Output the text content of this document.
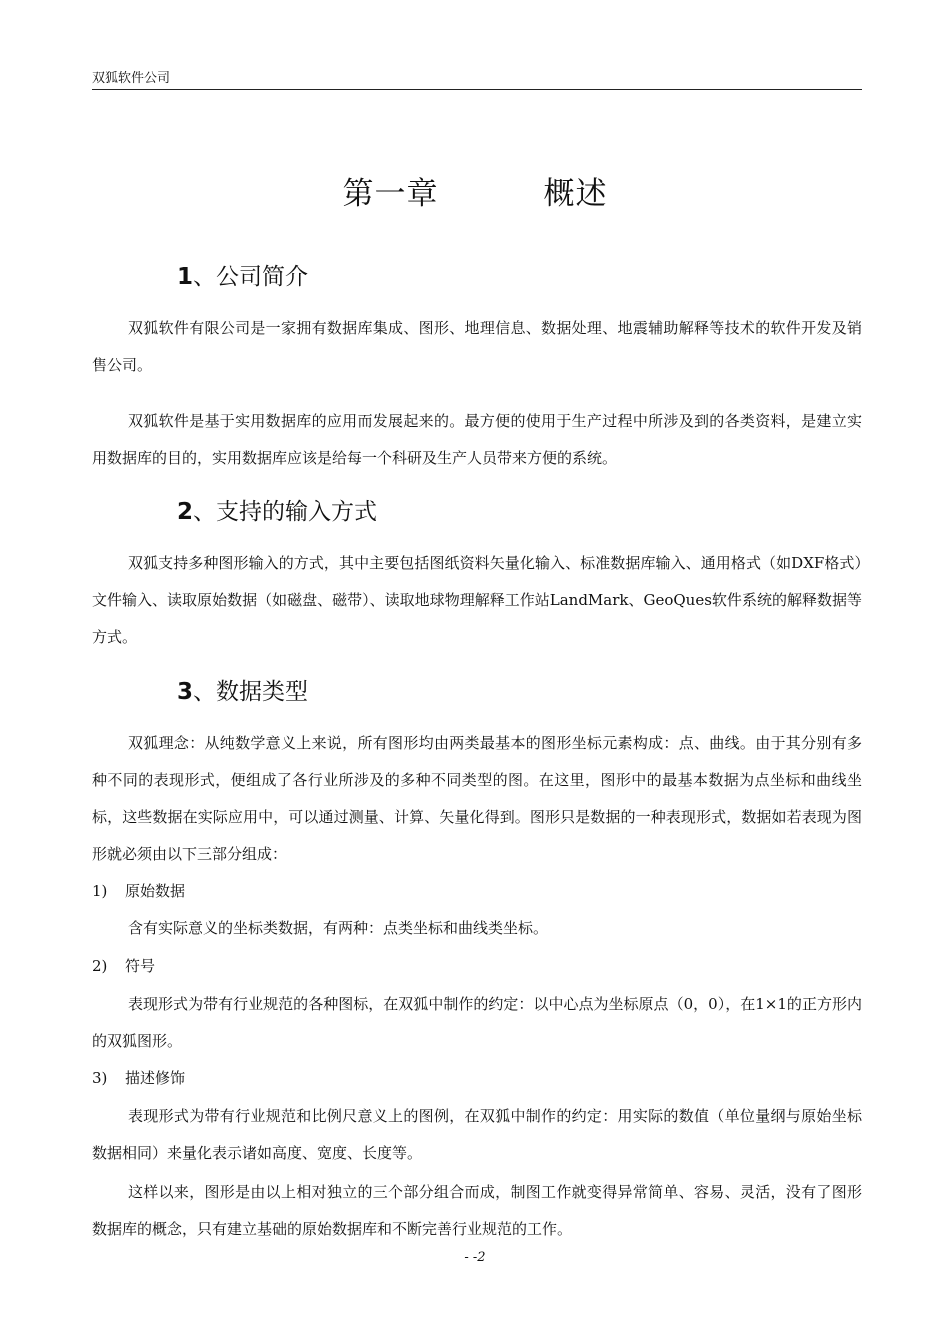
双狐软件公司
第一章	概述
1、公司简介
双狐软件有限公司是一家拥有数据库集成、图形、地理信息、数据处理、地震辅助解释等技术的软件开发及销售公司。
双狐软件是基于实用数据库的应用而发展起来的。最方便的使用于生产过程中所涉及到的各类资料，是建立实用数据库的目的，实用数据库应该是给每一个科研及生产人员带来方便的系统。
2、支持的输入方式
双狐支持多种图形输入的方式，其中主要包括图纸资料矢量化输入、标准数据库输入、通用格式（如DXF格式）文件输入、读取原始数据（如磁盘、磁带）、读取地球物理解释工作站LandMark、GeoQues软件系统的解释数据等方式。
3、数据类型
双狐理念：从纯数学意义上来说，所有图形均由两类最基本的图形坐标元素构成：点、曲线。由于其分别有多种不同的表现形式，便组成了各行业所涉及的多种不同类型的图。在这里，图形中的最基本数据为点坐标和曲线坐标，这些数据在实际应用中，可以通过测量、计算、矢量化得到。图形只是数据的一种表现形式，数据如若表现为图形就必须由以下三部分组成：
1) 原始数据
含有实际意义的坐标类数据，有两种：点类坐标和曲线类坐标。
2) 符号
表现形式为带有行业规范的各种图标，在双狐中制作的约定：以中心点为坐标原点（0，0），在1×1的正方形内的双狐图形。
3) 描述修饰
表现形式为带有行业规范和比例尺意义上的图例，在双狐中制作的约定：用实际的数值（单位量纲与原始坐标数据相同）来量化表示诸如高度、宽度、长度等。
这样以来，图形是由以上相对独立的三个部分组合而成，制图工作就变得异常简单、容易、灵活，没有了图形数据库的概念，只有建立基础的原始数据库和不断完善行业规范的工作。
- -2
